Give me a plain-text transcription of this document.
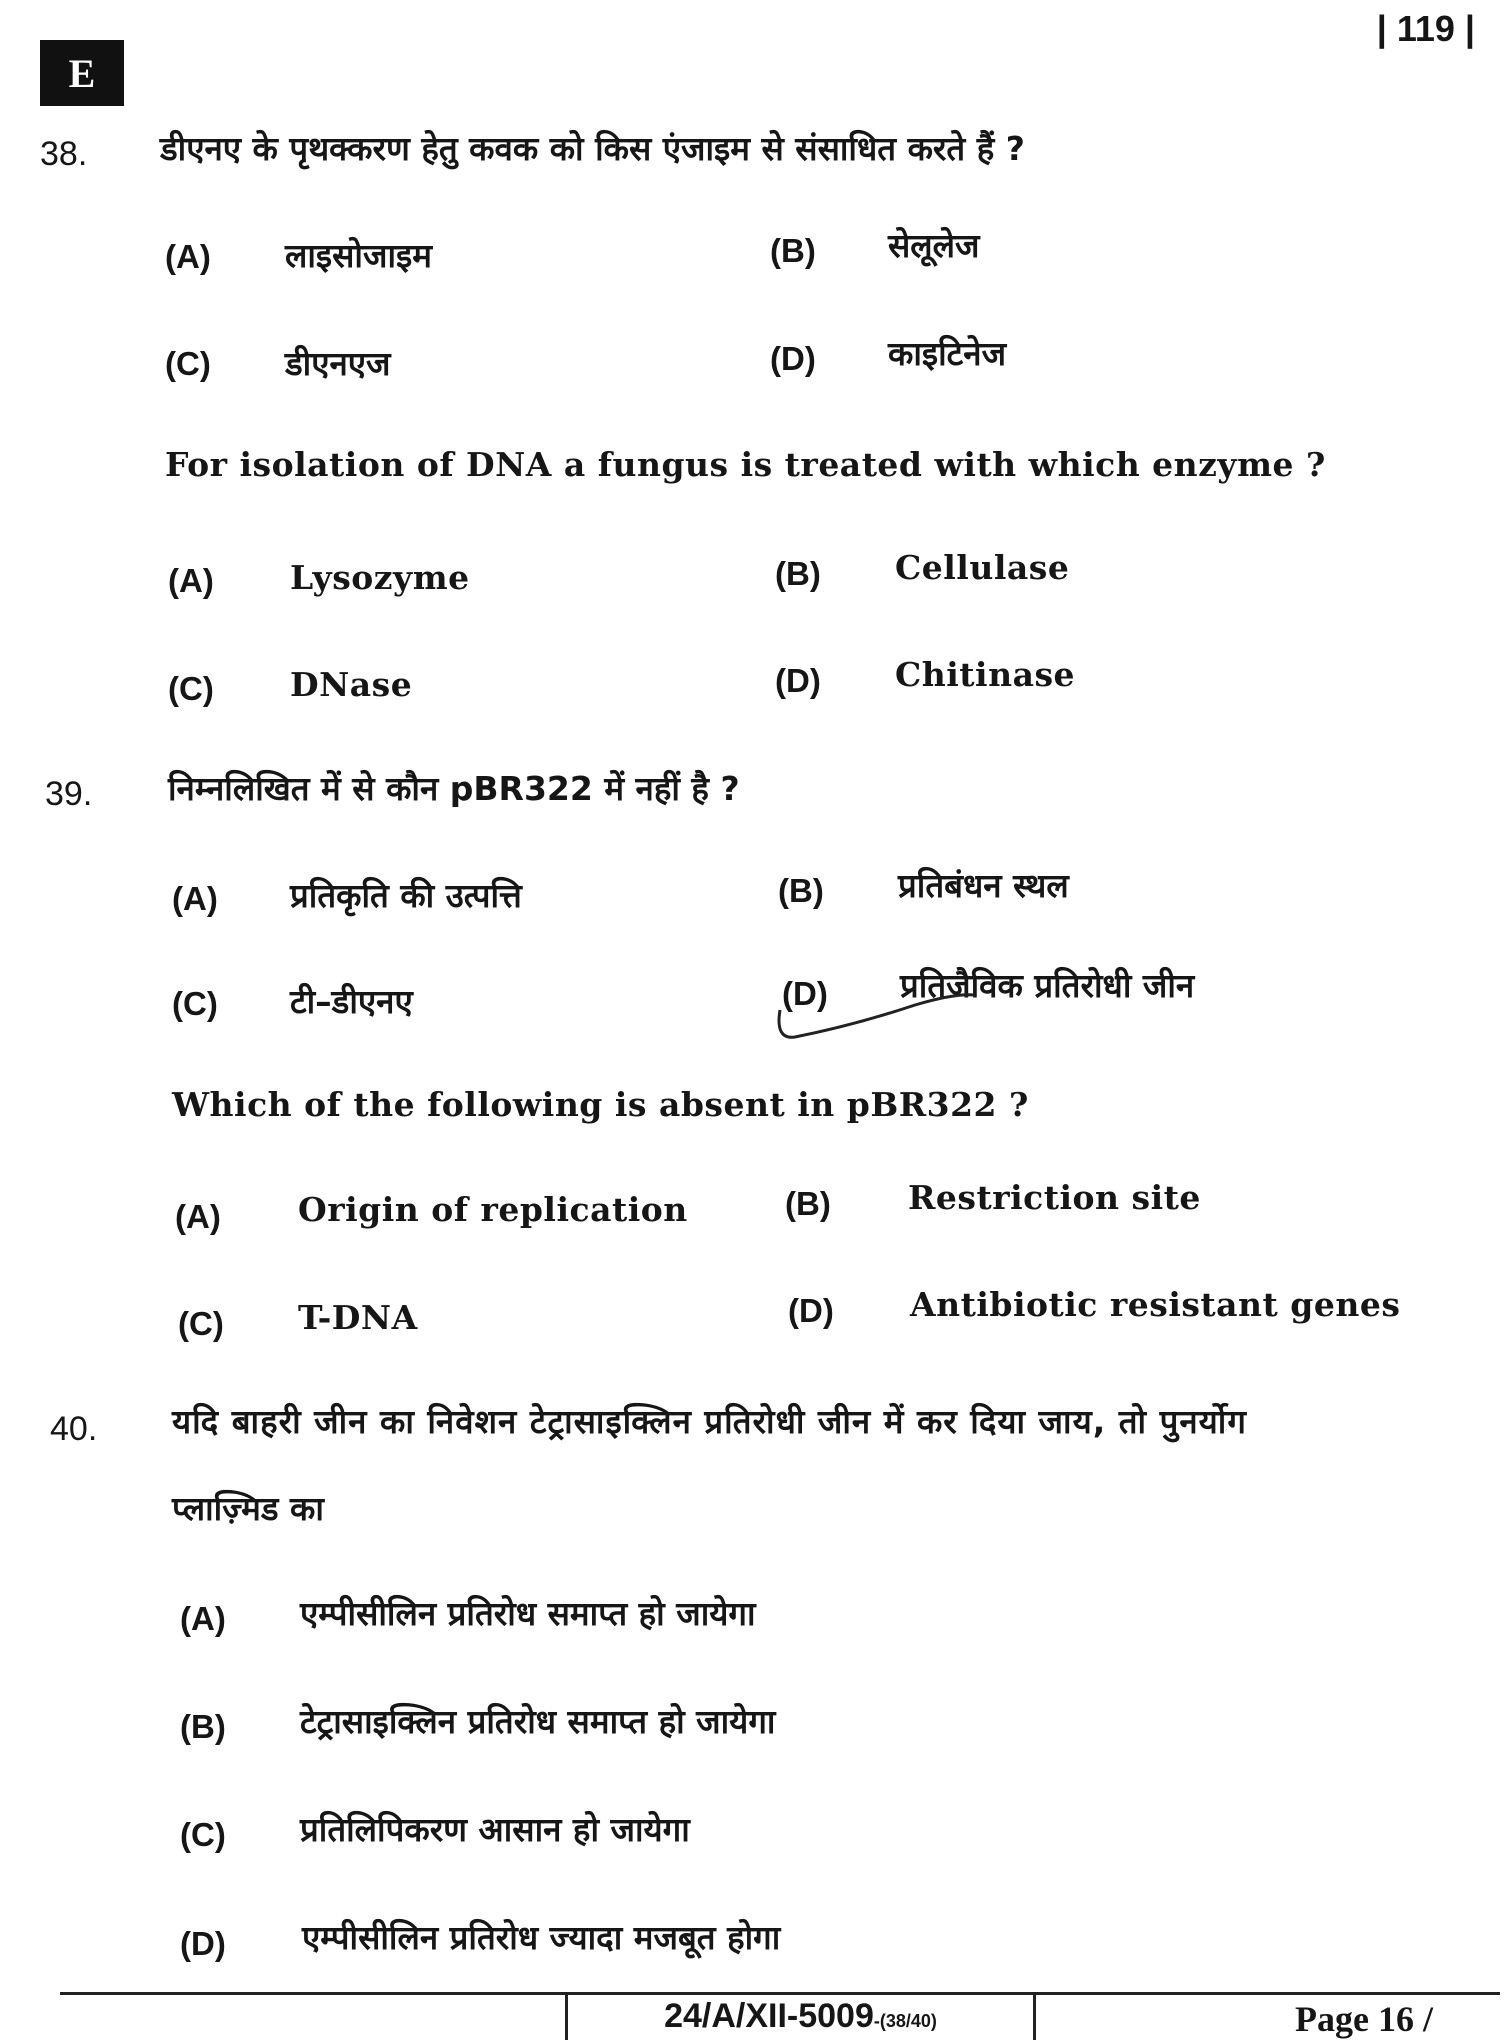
E
| 119 |
38. डीएनए के पृथक्करण हेतु कवक को किस एंजाइम से संसाधित करते हैं ?
(A) लाइसोजाइम	(B) सेलूलेज
(C) डीएनएज	(D) काइटिनेज
For isolation of DNA a fungus is treated with which enzyme ?
(A) Lysozyme	(B) Cellulase
(C) DNase	(D) Chitinase
39. निम्नलिखित में से कौन pBR322 में नहीं है ?
(A) प्रतिकृति की उत्पत्ति	(B) प्रतिबंधन स्थल
(C) टी–डीएनए	(D) प्रतिजैविक प्रतिरोधी जीन
Which of the following is absent in pBR322 ?
(A) Origin of replication	(B) Restriction site
(C) T-DNA	(D) Antibiotic resistant genes
40. यदि बाहरी जीन का निवेशन टेट्रासाइक्लिन प्रतिरोधी जीन में कर दिया जाय, तो पुनर्योग
प्लाज़्मिड का
(A) एम्पीसीलिन प्रतिरोध समाप्त हो जायेगा
(B) टेट्रासाइक्लिन प्रतिरोध समाप्त हो जायेगा
(C) प्रतिलिपिकरण आसान हो जायेगा
(D) एम्पीसीलिन प्रतिरोध ज्यादा मजबूत होगा
24/A/XII-5009-(38/40)	Page 16 /
